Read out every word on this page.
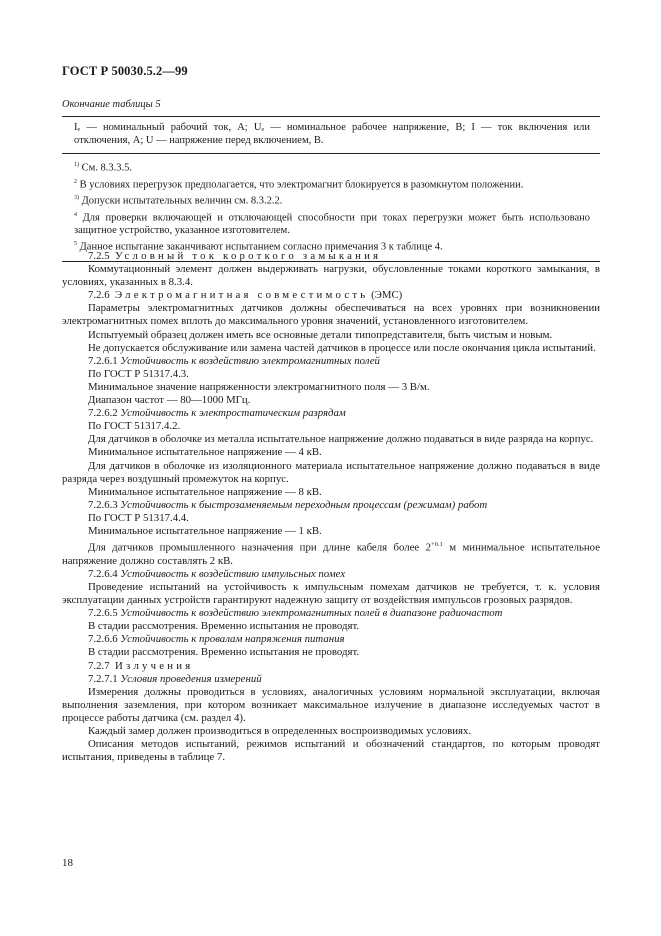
ГОСТ Р 50030.5.2—99
Окончание таблицы 5
Iₑ — номинальный рабочий ток, А; Uₑ — номинальное рабочее напряжение, В; I — ток включения или отключения, А; U — напряжение перед включением, В.
$^{1)}$ См. 8.3.3.5.
$^2$ В условиях перегрузок предполагается, что электромагнит блокируется в разомкнутом положении.
$^{3)}$ Допуски испытательных величин см. 8.3.2.2.
$^4$ Для проверки включающей и отключающей способности при токах перегрузки может быть использовано защитное устройство, указанное изготовителем.
$^5$ Данное испытание заканчивают испытанием согласно примечания 3 к таблице 4.

7.2.5 Условный ток короткого замыкания

Коммутационный элемент должен выдерживать нагрузки, обусловленные токами короткого замыкания, в условиях, указанных в 8.3.4.

7.2.6 Электромагнитная совместимость (ЭМС)

Параметры электромагнитных датчиков должны обеспечиваться на всех уровнях при возникновении электромагнитных помех вплоть до максимального уровня значений, установленного изготовителем.

Испытуемый образец должен иметь все основные детали типопредставителя, быть чистым и новым.

Не допускается обслуживание или замена частей датчиков в процессе или после окончания цикла испытаний.

7.2.6.1 Устойчивость к воздействию электромагнитных полей

По ГОСТ Р 51317.4.3.

Минимальное значение напряженности электромагнитного поля — 3 В/м.

Диапазон частот — 80—1000 МГц.

7.2.6.2 Устойчивость к электростатическим разрядам

По ГОСТ 51317.4.2.

Для датчиков в оболочке из металла испытательное напряжение должно подаваться в виде разряда на корпус.

Минимальное испытательное напряжение — 4 кВ.

Для датчиков в оболочке из изоляционного материала испытательное напряжение должно подаваться в виде разряда через воздушный промежуток на корпус.

Минимальное испытательное напряжение — 8 кВ.

7.2.6.3 Устойчивость к быстрозаменяемым переходным процессам (режимам) работ

По ГОСТ Р 51317.4.4.

Минимальное испытательное напряжение — 1 кВ.

Для датчиков промышленного назначения при длине кабеля более $2^{+0.1}$ м минимальное испытательное напряжение должно составлять 2 кВ.

7.2.6.4 Устойчивость к воздействию импульсных помех

Проведение испытаний на устойчивость к импульсным помехам датчиков не требуется, т. к. условия эксплуатации данных устройств гарантируют надежную защиту от воздействия импульсов грозовых разрядов.

7.2.6.5 Устойчивость к воздействию электромагнитных полей в диапазоне радиочастот

В стадии рассмотрения. Временно испытания не проводят.

7.2.6.6 Устойчивость к провалам напряжения питания

В стадии рассмотрения. Временно испытания не проводят.

7.2.7 Излучения

7.2.7.1 Условия проведения измерений

Измерения должны проводиться в условиях, аналогичных условиям нормальной эксплуатации, включая выполнения заземления, при котором возникает максимальное излучение в диапазоне исследуемых частот в процессе работы датчика (см. раздел 4).

Каждый замер должен производиться в определенных воспроизводимых условиях.

Описания методов испытаний, режимов испытаний и обозначений стандартов, по которым проводят испытания, приведены в таблице 7.

18
